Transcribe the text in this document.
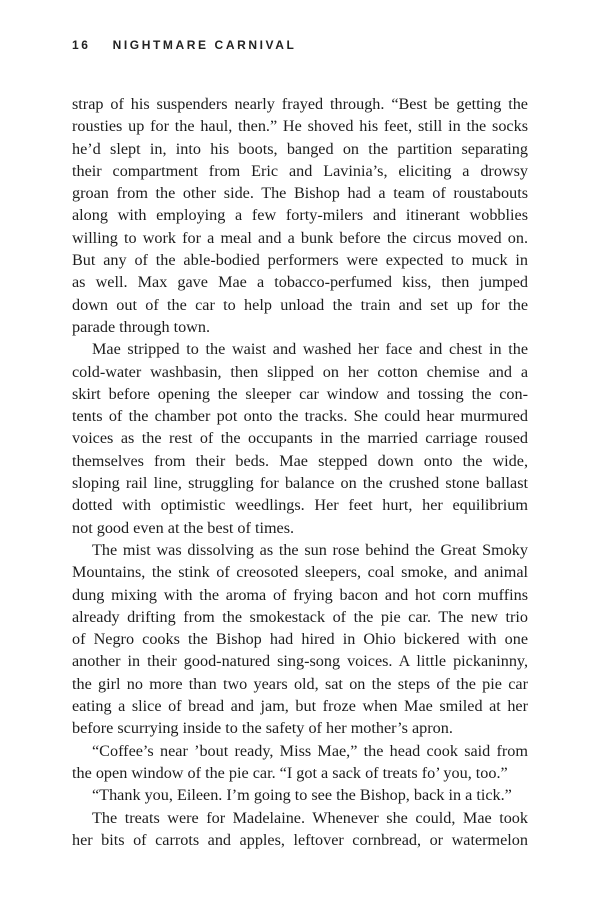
16 NIGHTMARE CARNIVAL
strap of his suspenders nearly frayed through. “Best be getting the
rousties up for the haul, then.” He shoved his feet, still in the socks
he’d slept in, into his boots, banged on the partition separating
their compartment from Eric and Lavinia’s, eliciting a drowsy
groan from the other side. The Bishop had a team of roustabouts
along with employing a few forty-milers and itinerant wobblies
willing to work for a meal and a bunk before the circus moved on.
But any of the able-bodied performers were expected to muck in
as well. Max gave Mae a tobacco-perfumed kiss, then jumped
down out of the car to help unload the train and set up for the
parade through town.
Mae stripped to the waist and washed her face and chest in the
cold-water washbasin, then slipped on her cotton chemise and a
skirt before opening the sleeper car window and tossing the con-
tents of the chamber pot onto the tracks. She could hear murmured
voices as the rest of the occupants in the married carriage roused
themselves from their beds. Mae stepped down onto the wide,
sloping rail line, struggling for balance on the crushed stone ballast
dotted with optimistic weedlings. Her feet hurt, her equilibrium
not good even at the best of times.
The mist was dissolving as the sun rose behind the Great Smoky
Mountains, the stink of creosoted sleepers, coal smoke, and animal
dung mixing with the aroma of frying bacon and hot corn muffins
already drifting from the smokestack of the pie car. The new trio
of Negro cooks the Bishop had hired in Ohio bickered with one
another in their good-natured sing-song voices. A little pickaninny,
the girl no more than two years old, sat on the steps of the pie car
eating a slice of bread and jam, but froze when Mae smiled at her
before scurrying inside to the safety of her mother’s apron.
“Coffee’s near ’bout ready, Miss Mae,” the head cook said from
the open window of the pie car. “I got a sack of treats fo’ you, too.”
“Thank you, Eileen. I’m going to see the Bishop, back in a tick.”
The treats were for Madelaine. Whenever she could, Mae took
her bits of carrots and apples, leftover cornbread, or watermelon
